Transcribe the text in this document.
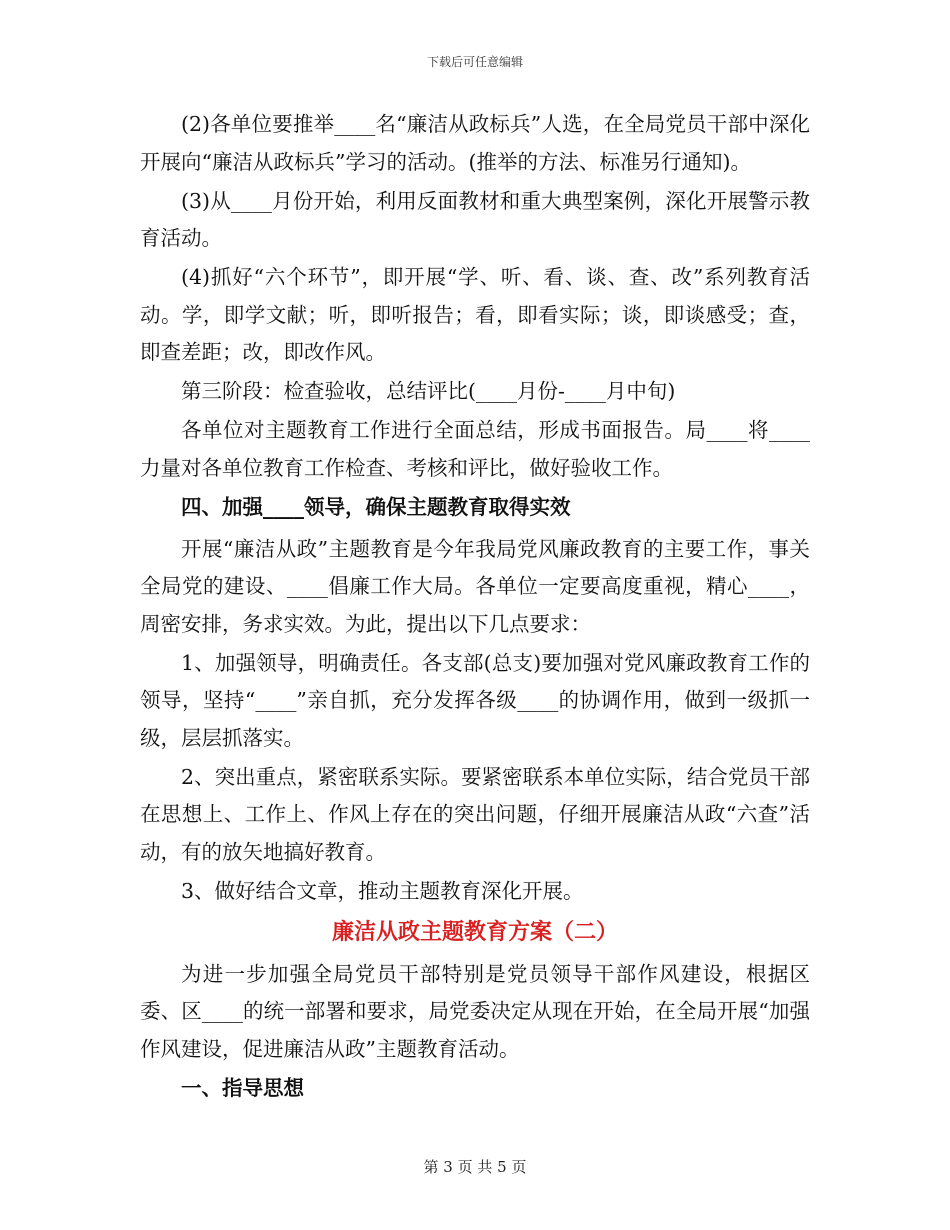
下载后可任意编辑

(2)各单位要推举____名“廉洁从政标兵”人选，在全局党员干部中深化开展向“廉洁从政标兵”学习的活动。(推举的方法、标准另行通知)。

(3)从____月份开始，利用反面教材和重大典型案例，深化开展警示教育活动。

(4)抓好“六个环节”，即开展“学、听、看、谈、查、改”系列教育活动。学，即学文献；听，即听报告；看，即看实际；谈，即谈感受；查，即查差距；改，即改作风。

第三阶段：检查验收，总结评比(____月份-____月中旬)

各单位对主题教育工作进行全面总结，形成书面报告。局____将____力量对各单位教育工作检查、考核和评比，做好验收工作。

四、加强____领导，确保主题教育取得实效

开展“廉洁从政”主题教育是今年我局党风廉政教育的主要工作，事关全局党的建设、____倡廉工作大局。各单位一定要高度重视，精心____，周密安排，务求实效。为此，提出以下几点要求：

1、加强领导，明确责任。各支部(总支)要加强对党风廉政教育工作的领导，坚持“____”亲自抓，充分发挥各级____的协调作用，做到一级抓一级，层层抓落实。

2、突出重点，紧密联系实际。要紧密联系本单位实际，结合党员干部在思想上、工作上、作风上存在的突出问题，仔细开展廉洁从政“六查”活动，有的放矢地搞好教育。

3、做好结合文章，推动主题教育深化开展。

廉洁从政主题教育方案（二）

为进一步加强全局党员干部特别是党员领导干部作风建设，根据区委、区____的统一部署和要求，局党委决定从现在开始，在全局开展“加强作风建设，促进廉洁从政”主题教育活动。

一、指导思想

第 3 页 共 5 页
